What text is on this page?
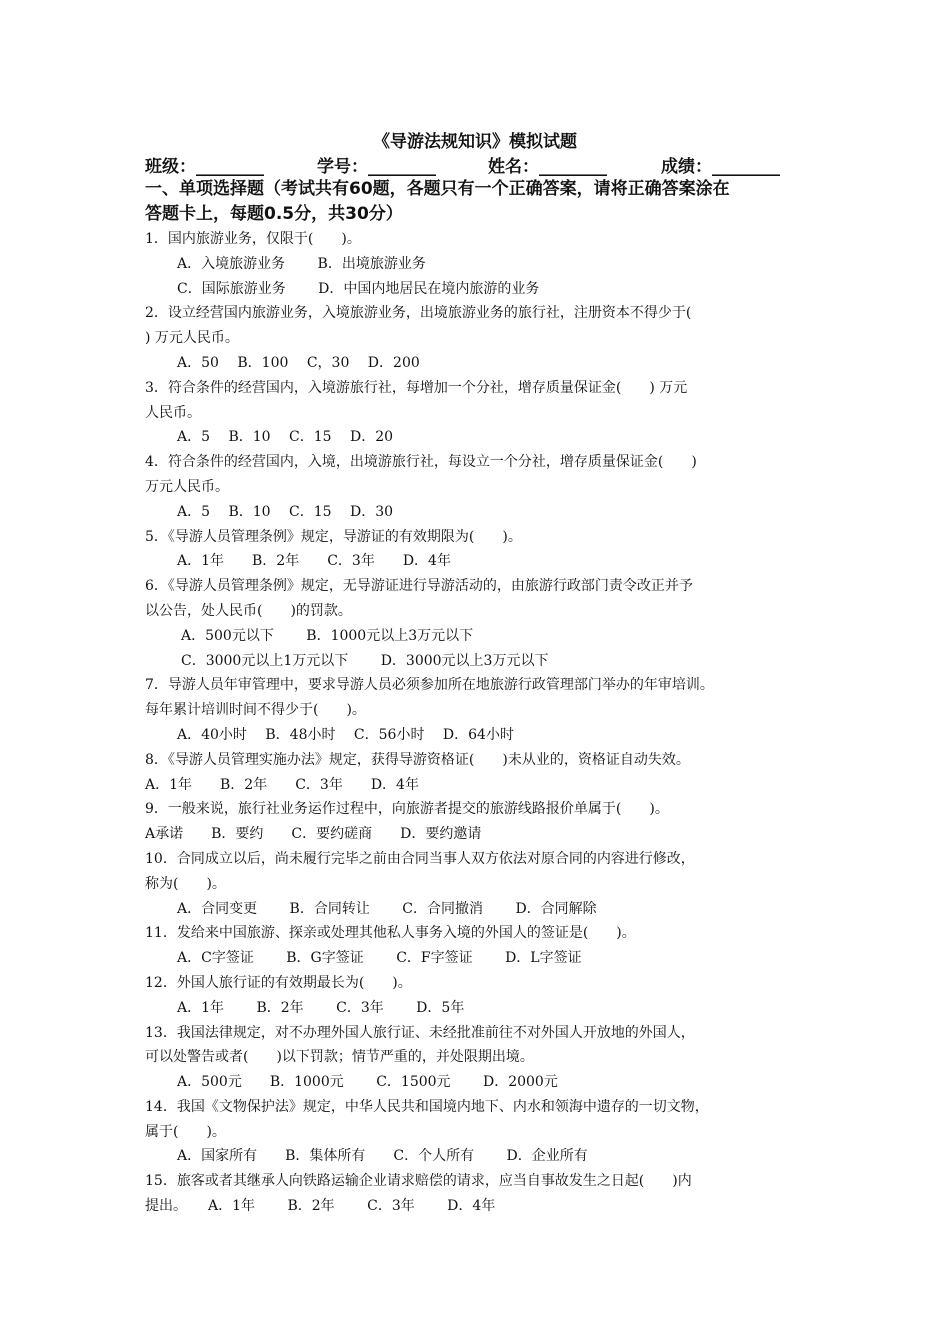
《导游法规知识》模拟试题
班级：________	学号：________	姓名：________	成绩：________
一、单项选择题（考试共有60题，各题只有一个正确答案，请将正确答案涂在
答题卡上，每题0.5分，共30分）
1．国内旅游业务，仅限于(　　)。
A．入境旅游业务　　 B．出境旅游业务
C．国际旅游业务　　 D．中国内地居民在境内旅游的业务
2．设立经营国内旅游业务，入境旅游业务，出境旅游业务的旅行社，注册资本不得少于(
) 万元人民币。
A．50　 B．100　 C，30　 D．200
3．符合条件的经营国内，入境游旅行社，每增加一个分社，增存质量保证金(　　) 万元
人民币。
A．5　 B．10　 C．15　 D．20
4．符合条件的经营国内，入境，出境游旅行社，每设立一个分社，增存质量保证金(　　)
万元人民币。
A．5　 B．10　 C．15　 D．30
5．《导游人员管理条例》规定，导游证的有效期限为(　　)。
A．1年　　B．2年　　C．3年　　D．4年
6．《导游人员管理条例》规定，无导游证进行导游活动的，由旅游行政部门责令改正并予
以公告，处人民币(　　)的罚款。
A．500元以下　　 B．1000元以上3万元以下
C．3000元以上1万元以下　　 D．3000元以上3万元以下
7．导游人员年审管理中，要求导游人员必须参加所在地旅游行政管理部门举办的年审培训。
每年累计培训时间不得少于(　　)。
A．40小时　 B．48小时　 C．56小时　 D．64小时
8．《导游人员管理实施办法》规定，获得导游资格证(　　)未从业的，资格证自动失效。
A．1年　　B．2年　　C．3年　　D．4年
9．一般来说，旅行社业务运作过程中，向旅游者提交的旅游线路报价单属于(　　)。
A承诺　　B．要约　　C．要约磋商　　D．要约邀请
10．合同成立以后，尚未履行完毕之前由合同当事人双方依法对原合同的内容进行修改，
称为(　　)。
A．合同变更　　 B．合同转让　　 C．合同撤消　　 D．合同解除
11．发给来中国旅游、探亲或处理其他私人事务入境的外国人的签证是(　　)。
A．C字签证　　 B．G字签证　　 C．F字签证　　 D．L字签证
12．外国人旅行证的有效期最长为(　　)。
A．1年　　 B．2年　　 C．3年　　 D．5年
13．我国法律规定，对不办理外国人旅行证、未经批准前往不对外国人开放地的外国人，
可以处警告或者(　　)以下罚款；情节严重的，并处限期出境。
A．500元　　B．1000元　　 C．1500元　　 D．2000元
14．我国《文物保护法》规定，中华人民共和国境内地下、内水和领海中遗存的一切文物，
属于(　　)。
A．国家所有　　B．集体所有　　C．个人所有　　 D．企业所有
15．旅客或者其继承人向铁路运输企业请求赔偿的请求，应当自事故发生之日起(　　)内
提出。　　A．1年　　 B．2年　　 C．3年　　 D．4年
